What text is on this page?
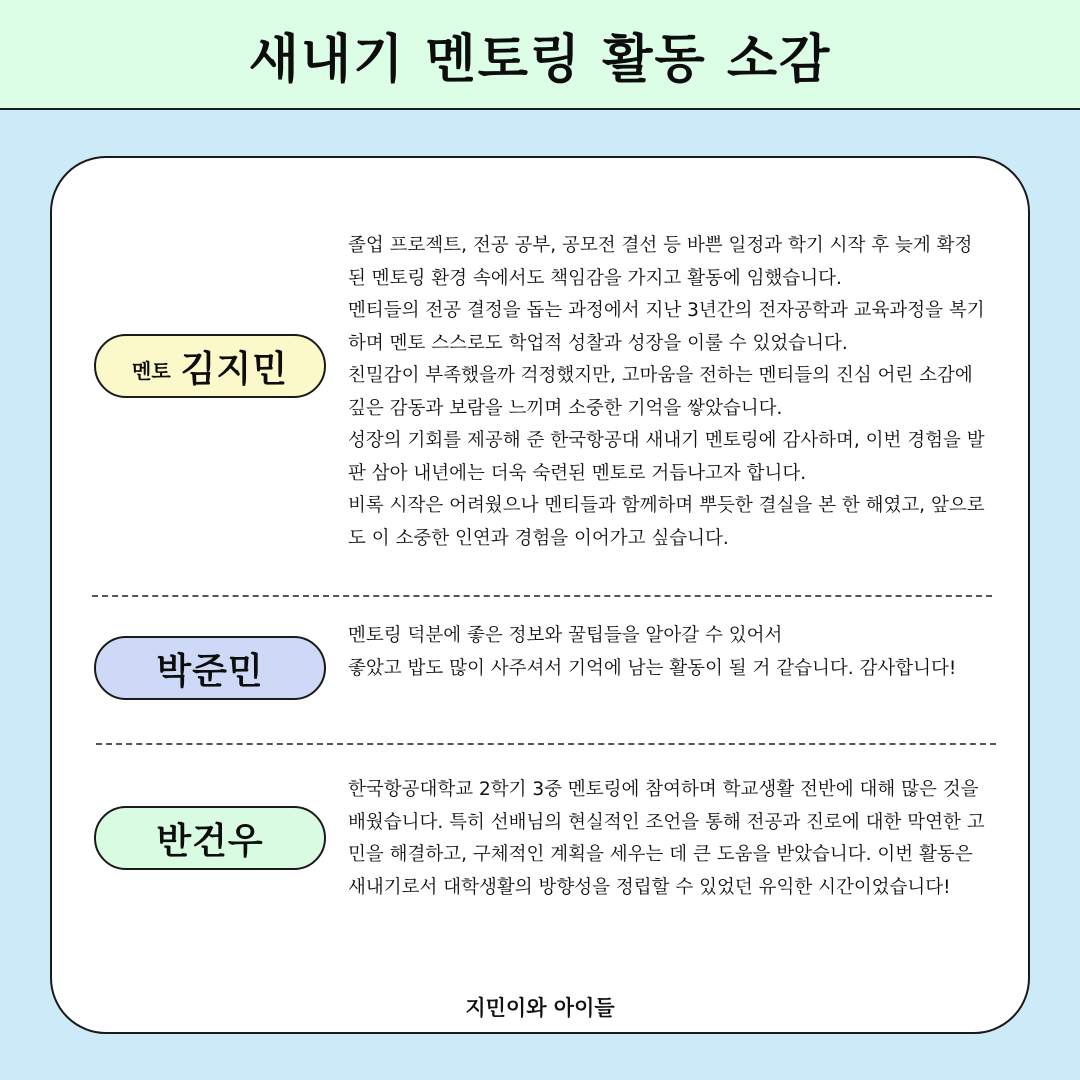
새내기 멘토링 활동 소감
멘토 김지민

졸업 프로젝트, 전공 공부, 공모전 결선 등 바쁜 일정과 학기 시작 후 늦게 확정된 멘토링 환경 속에서도 책임감을 가지고 활동에 임했습니다.

멘티들의 전공 결정을 돕는 과정에서 지난 3년간의 전자공학과 교육과정을 복기하며 멘토 스스로도 학업적 성찰과 성장을 이룰 수 있었습니다.

친밀감이 부족했을까 걱정했지만, 고마움을 전하는 멘티들의 진심 어린 소감에 깊은 감동과 보람을 느끼며 소중한 기억을 쌓았습니다.

성장의 기회를 제공해 준 한국항공대 새내기 멘토링에 감사하며, 이번 경험을 발판 삼아 내년에는 더욱 숙련된 멘토로 거듭나고자 합니다.

비록 시작은 어려웠으나 멘티들과 함께하며 뿌듯한 결실을 본 한 해였고, 앞으로도 이 소중한 인연과 경험을 이어가고 싶습니다.

박준민

멘토링 덕분에 좋은 정보와 꿀팁들을 알아갈 수 있어서

좋았고 밥도 많이 사주셔서 기억에 남는 활동이 될 거 같습니다. 감사합니다!

반건우

한국항공대학교 2학기 3중 멘토링에 참여하며 학교생활 전반에 대해 많은 것을 배웠습니다. 특히 선배님의 현실적인 조언을 통해 전공과 진로에 대한 막연한 고민을 해결하고, 구체적인 계획을 세우는 데 큰 도움을 받았습니다. 이번 활동은 새내기로서 대학생활의 방향성을 정립할 수 있었던 유익한 시간이었습니다!

지민이와 아이들
